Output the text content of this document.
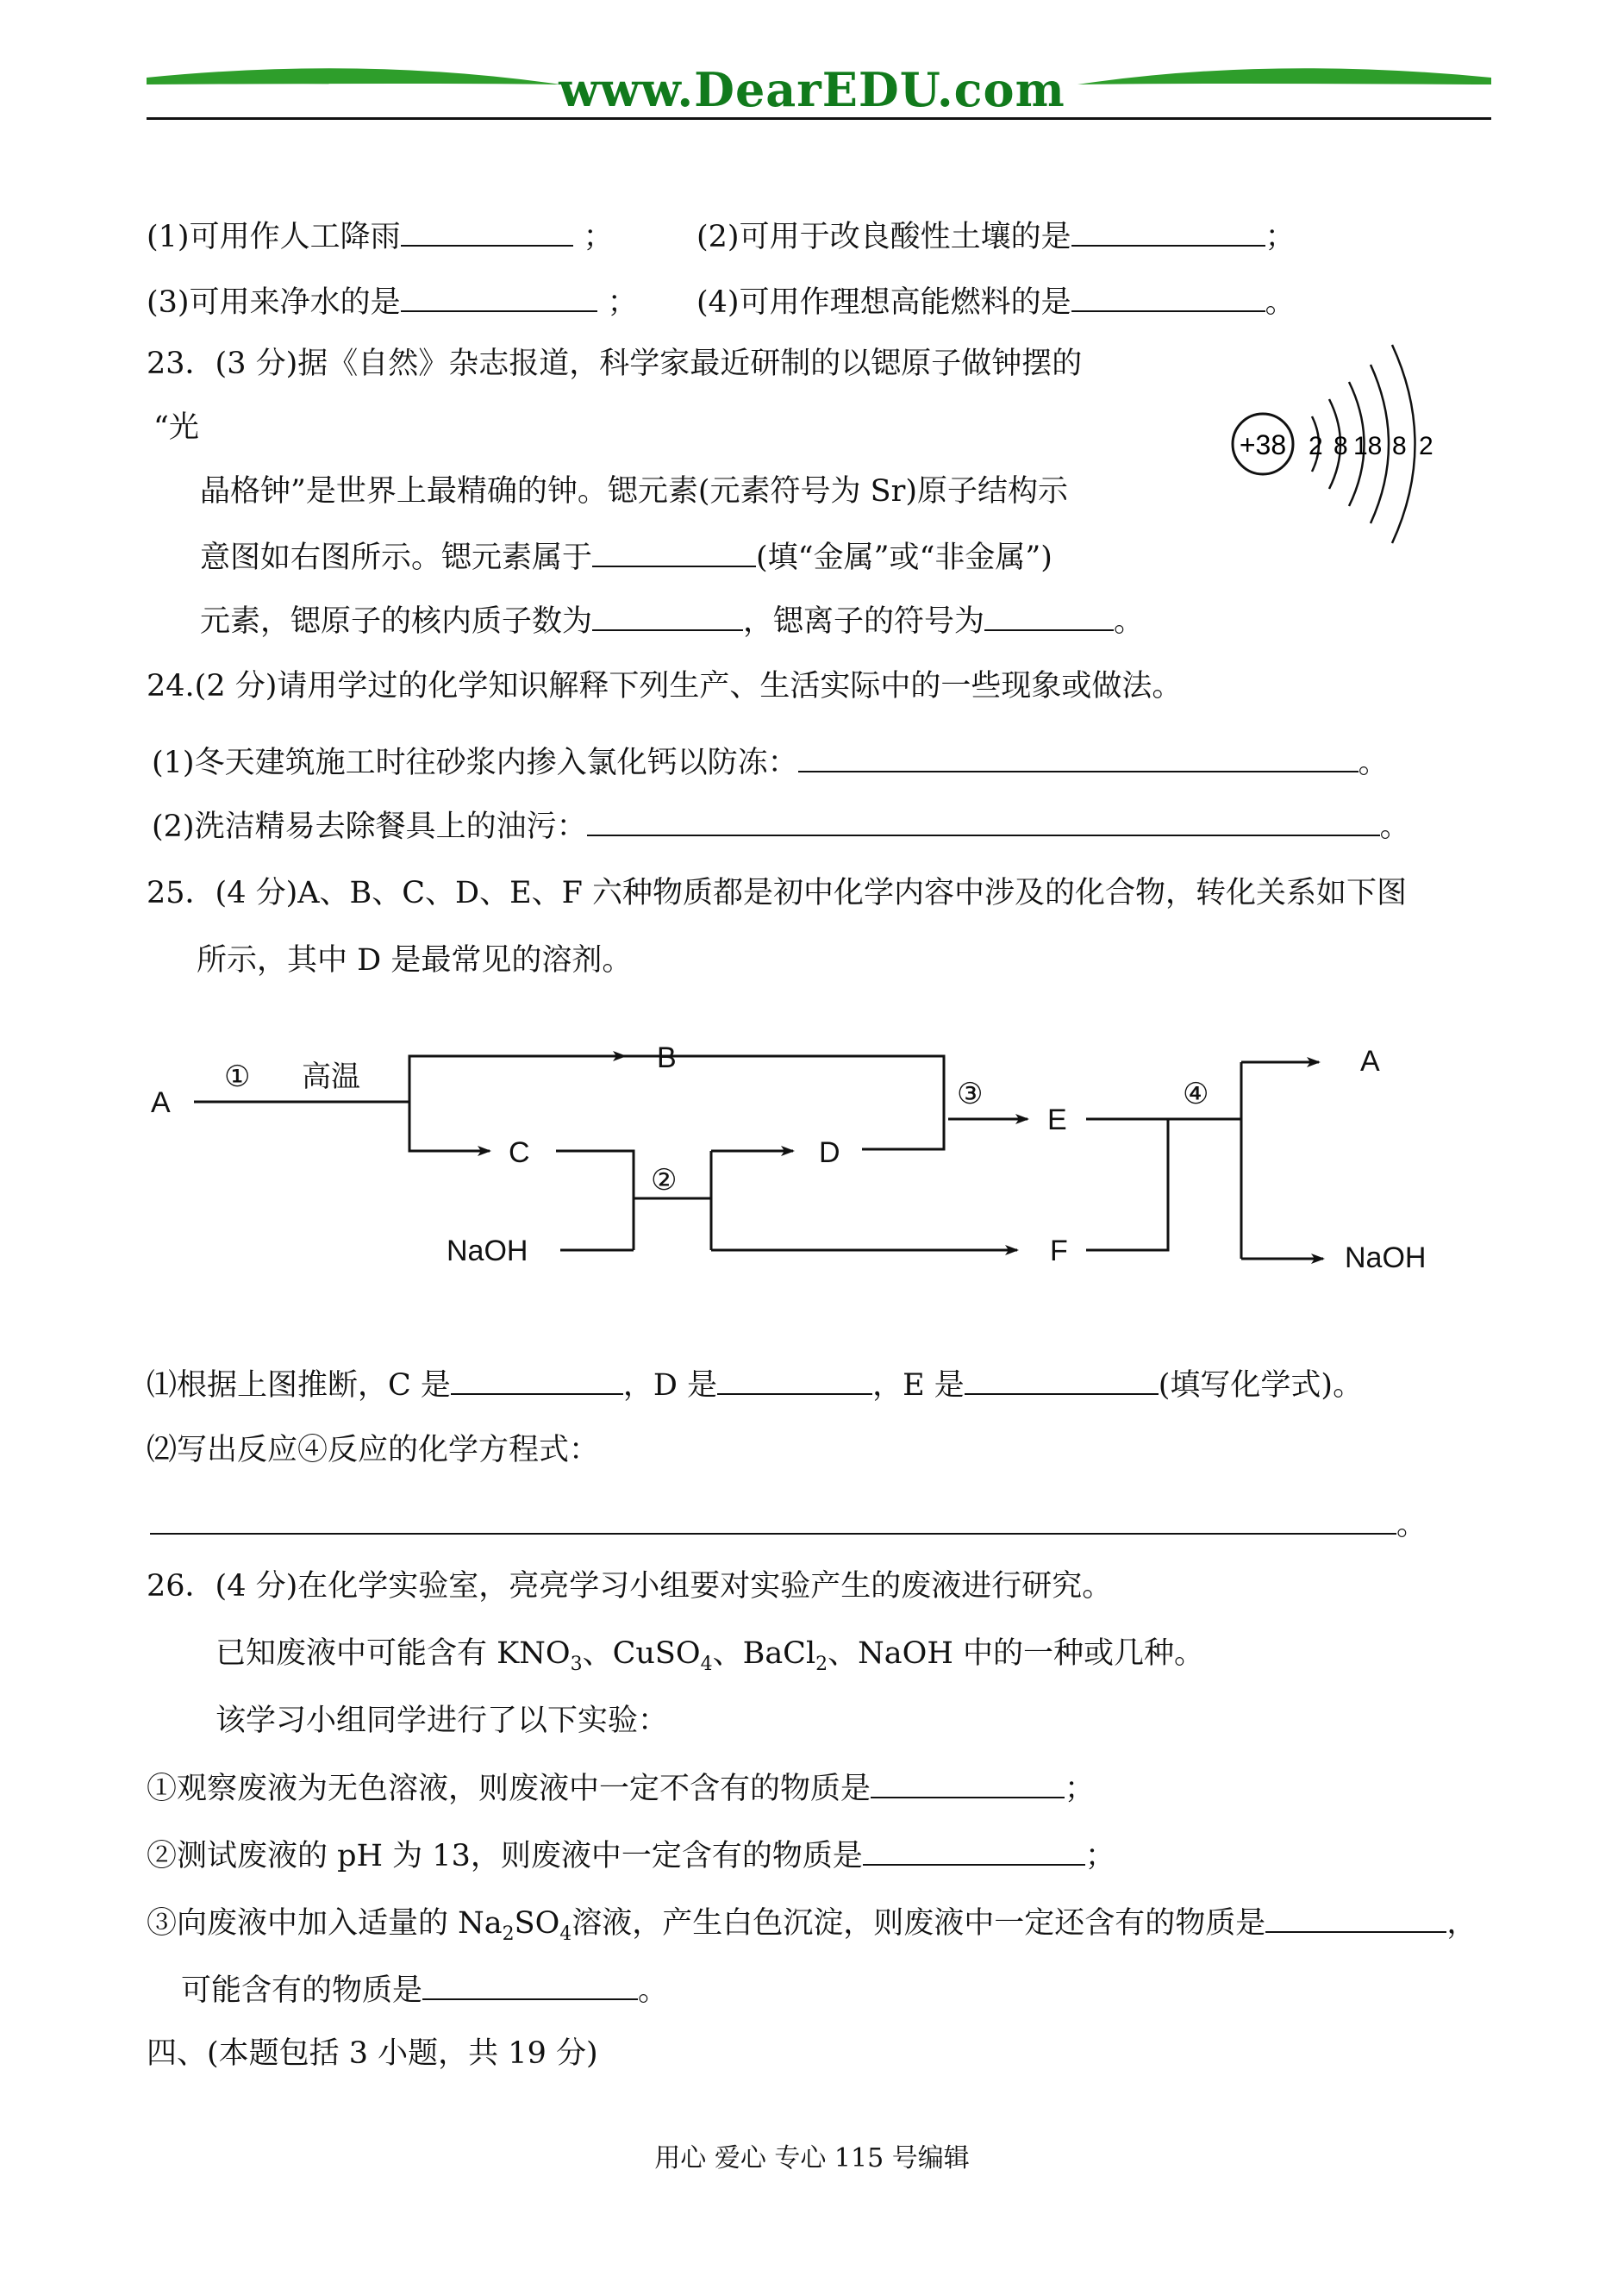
www.DearEDU.com
(1)可用作人工降雨	；	(2)可用于改良酸性土壤的是	；
(3)可用来净水的是	； (4)可用作理想高能燃料的是	。
23．(3 分)据《自然》杂志报道，科学家最近研制的以锶原子做钟摆的
“光
晶格钟”是世界上最精确的钟。锶元素(元素符号为 Sr)原子结构示
意图如右图所示。锶元素属于	(填“金属”或“非金属”)
元素，锶原子的核内质子数为	，锶离子的符号为	。
+38 2 8 18 8 2
24.(2 分)请用学过的化学知识解释下列生产、生活实际中的一些现象或做法。
(1)冬天建筑施工时往砂浆内掺入氯化钙以防冻：	。
(2)洗洁精易去除餐具上的油污：	。
25．(4 分)A、B、C、D、E、F 六种物质都是初中化学内容中涉及的化合物，转化关系如下图
所示，其中 D 是最常见的溶剂。
A
B
C	D
E
F
A
NaOH	NaOH
① 高温
②
③	④
⑴根据上图推断，C 是	，D 是	，E 是	(填写化学式)。
⑵写出反应④反应的化学方程式：
。
26．(4 分)在化学实验室，亮亮学习小组要对实验产生的废液进行研究。
已知废液中可能含有 $KNO_3$、CuSO$_4$、BaCl$_2$、NaOH 中的一种或几种。
该学习小组同学进行了以下实验：
①观察废液为无色溶液，则废液中一定不含有的物质是	；
②测试废液的 pH 为 13，则废液中一定含有的物质是	；
③向废液中加入适量的 $Na_2SO_4$溶液，产生白色沉淀，则废液中一定还含有的物质是	，
可能含有的物质是	。
四、(本题包括 3 小题，共 19 分)
用心 爱心 专心 115 号编辑
